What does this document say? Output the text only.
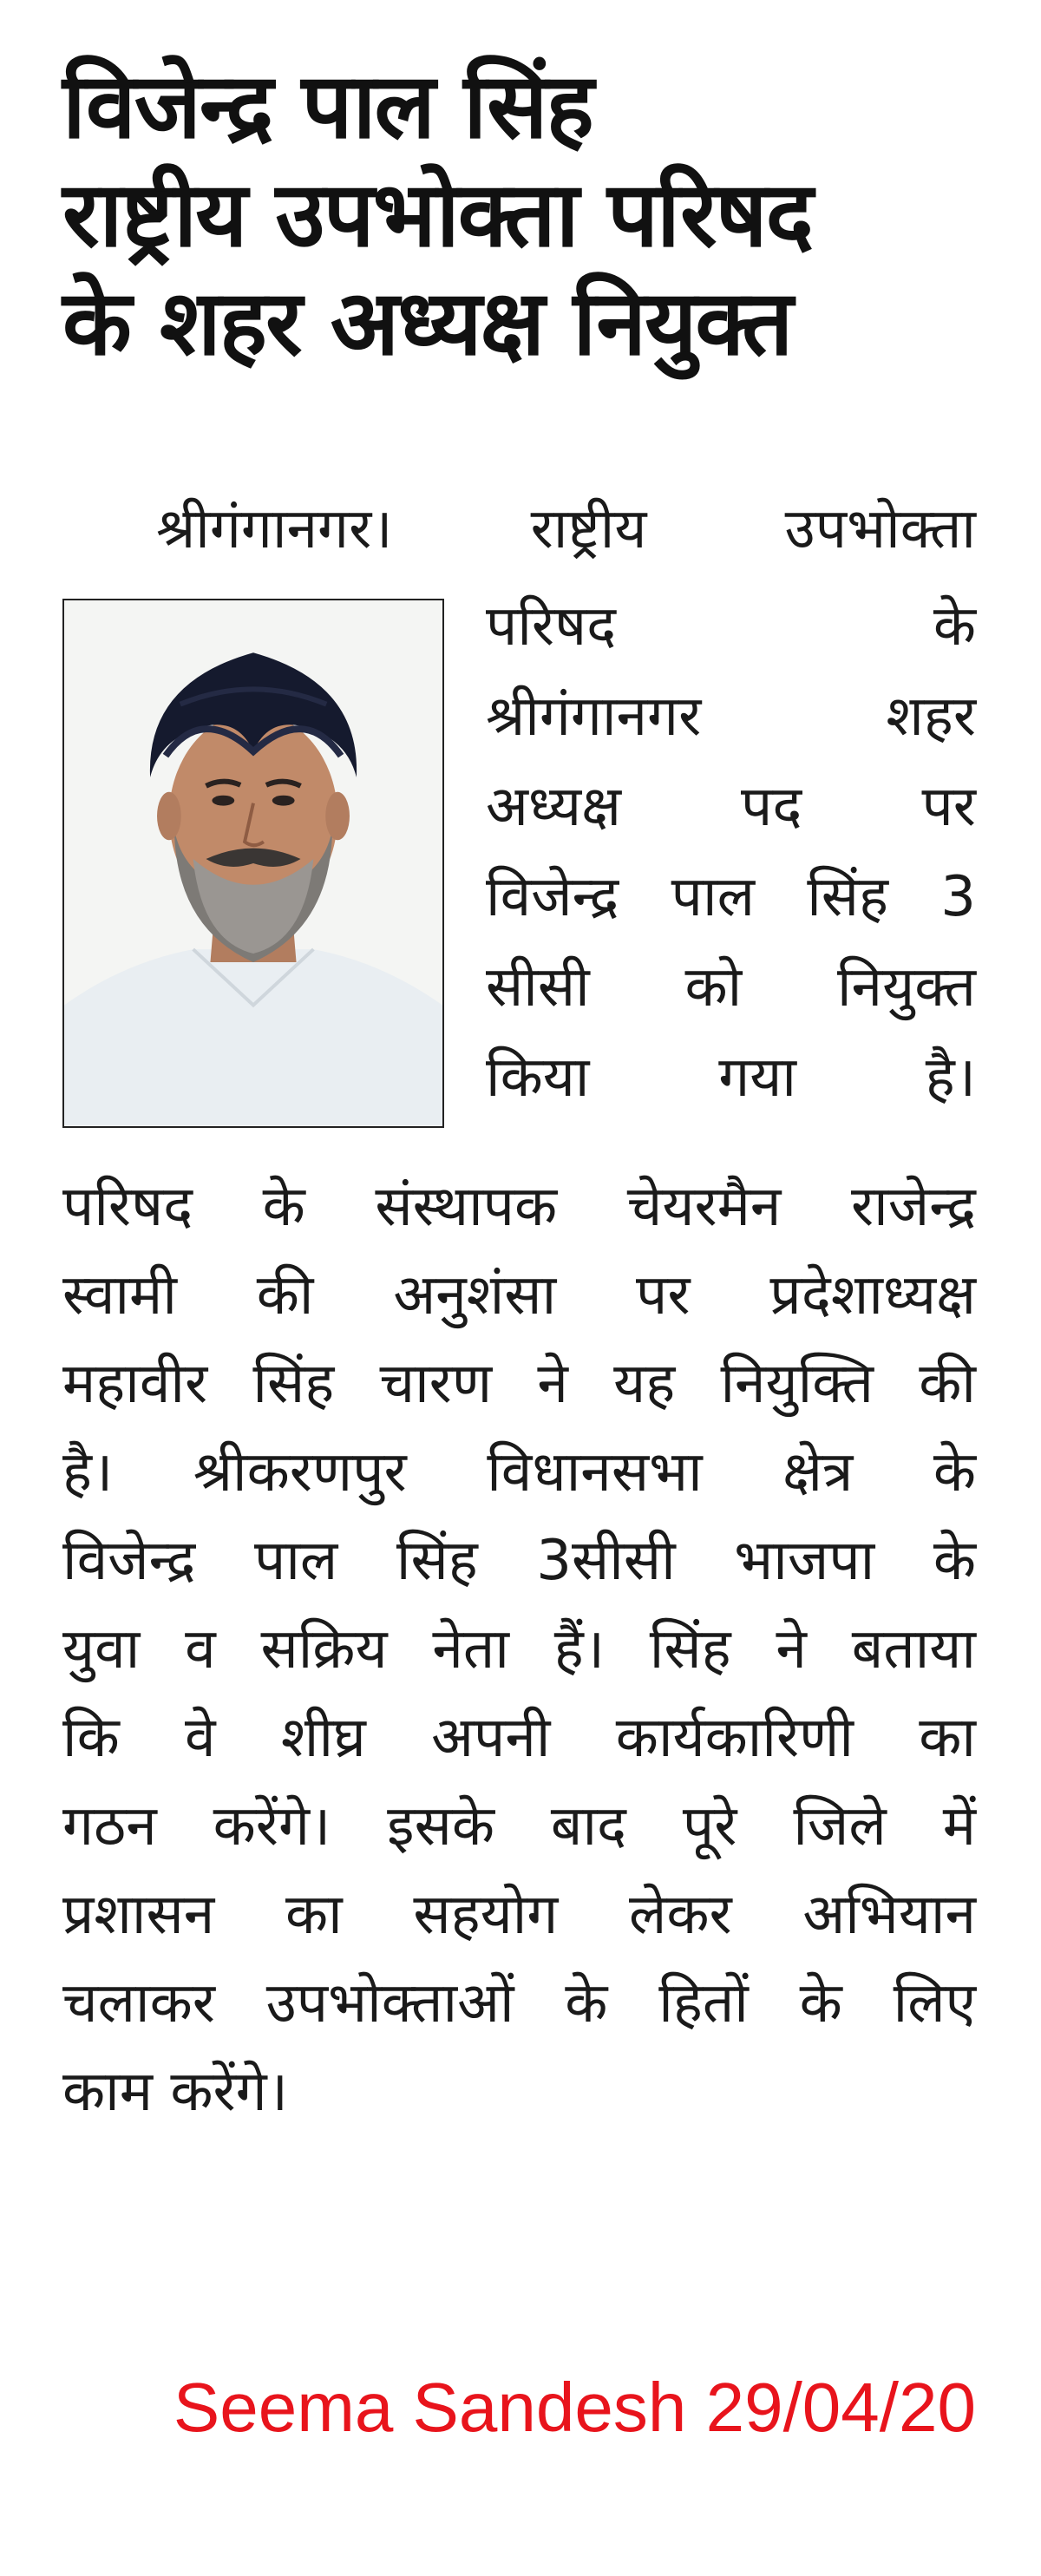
विजेन्द्र पाल सिंह
राष्ट्रीय उपभोक्ता परिषद
के शहर अध्यक्ष नियुक्त
श्रीगंगानगर। राष्ट्रीय उपभोक्ता
परिषद के
श्रीगंगानगर शहर
अध्यक्ष पद पर
विजेन्द्र पाल सिंह 3
सीसी को नियुक्त
किया गया है।
परिषद के संस्थापक चेयरमैन राजेन्द्र
स्वामी की अनुशंसा पर प्रदेशाध्यक्ष
महावीर सिंह चारण ने यह नियुक्ति की
है। श्रीकरणपुर विधानसभा क्षेत्र के
विजेन्द्र पाल सिंह 3सीसी भाजपा के
युवा व सक्रिय नेता हैं। सिंह ने बताया
कि वे शीघ्र अपनी कार्यकारिणी का
गठन करेंगे। इसके बाद पूरे जिले में
प्रशासन का सहयोग लेकर अभियान
चलाकर उपभोक्ताओं के हितों के लिए
काम करेंगे।
Seema Sandesh 29/04/20
